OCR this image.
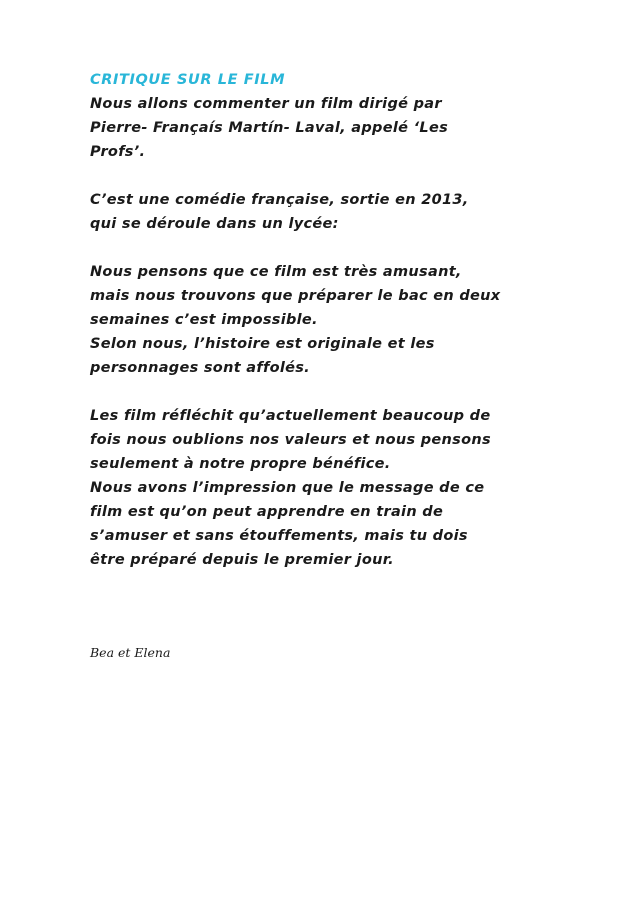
CRITIQUE SUR LE FILM
Nous allons commenter un film dirigé par
Pierre- Françaís Martín- Laval, appelé ‘Les
Profs’.
C’est une comédie française, sortie en 2013,
qui se déroule dans un lycée:
Nous pensons que ce film est très amusant,
mais nous trouvons que préparer le bac en deux
semaines c’est impossible.
Selon nous, l’histoire est originale et les
personnages sont affolés.
Les film réfléchit qu’actuellement beaucoup de
fois nous oublions nos valeurs et nous pensons
seulement à notre propre bénéfice.
Nous avons l’impression que le message de ce
film est qu’on peut apprendre en train de
s’amuser et sans étouffements, mais tu dois
être préparé depuis le premier jour.
Bea et Elena
